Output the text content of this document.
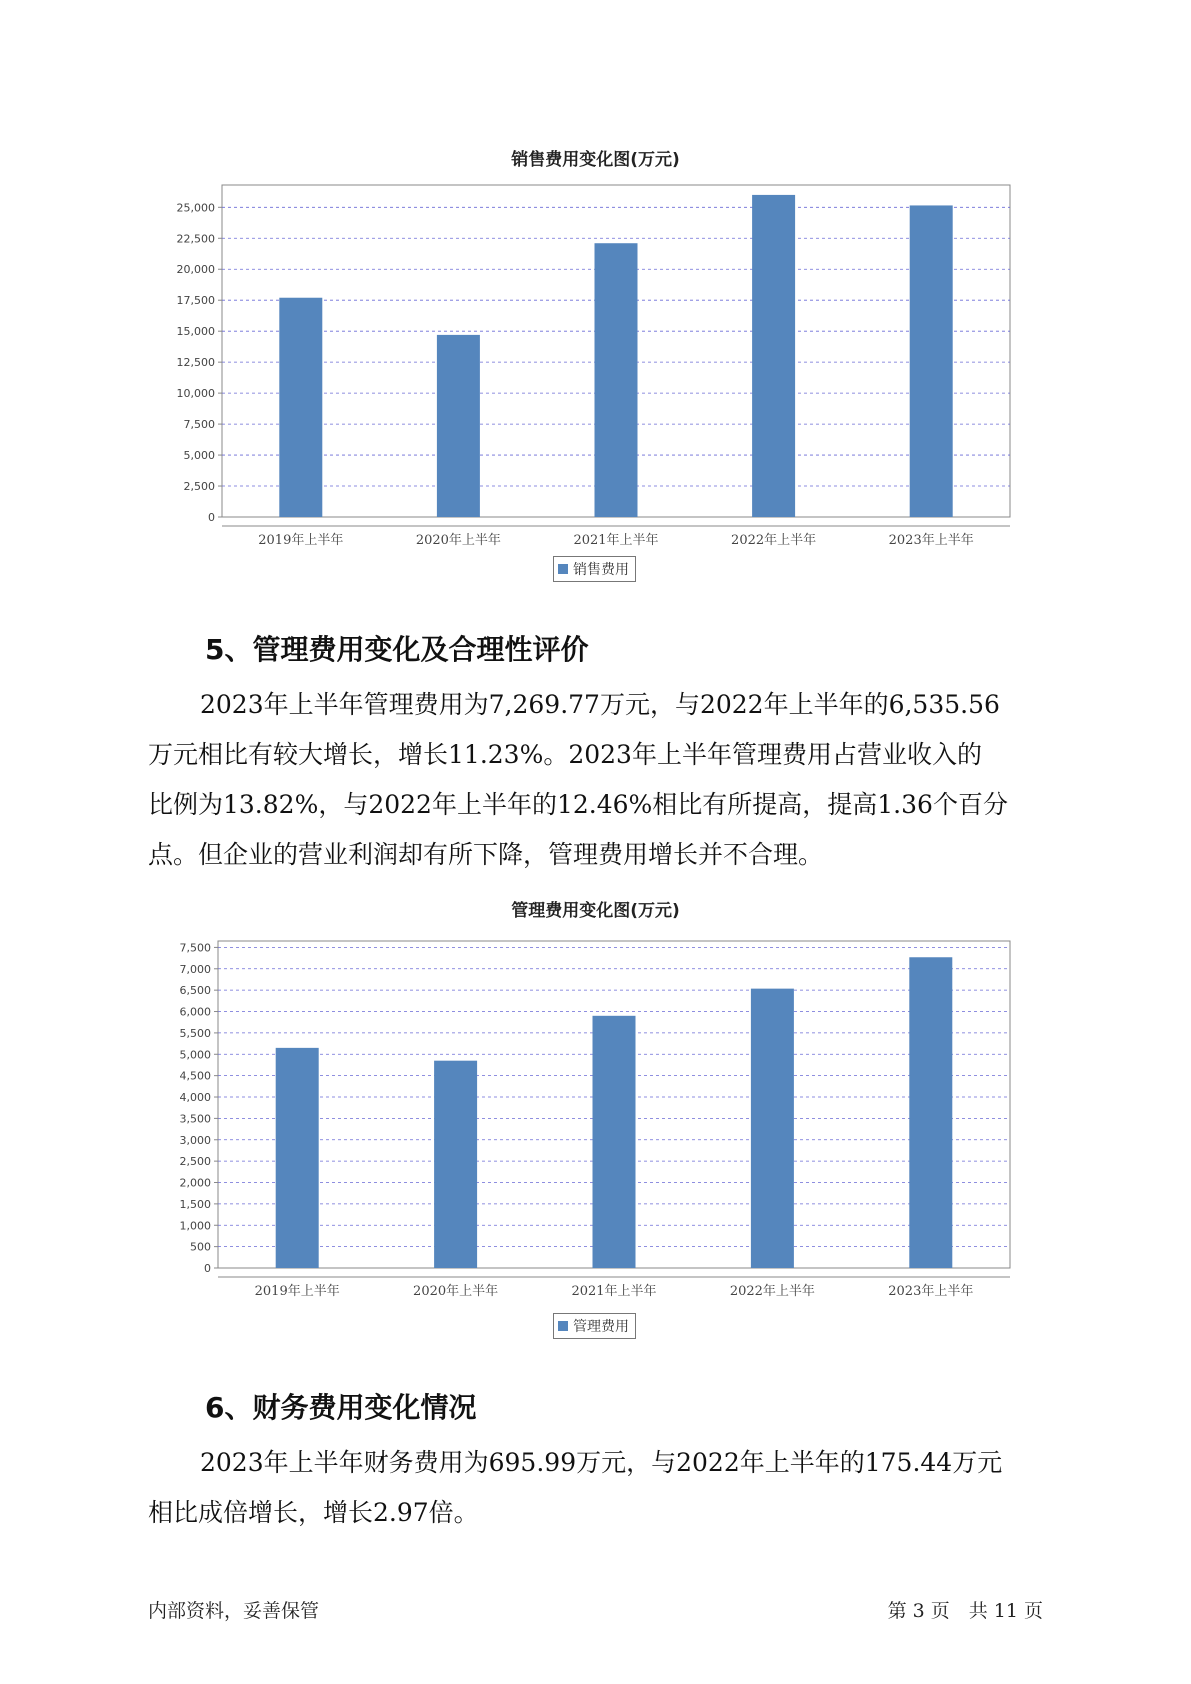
销售费用变化图(万元)
0
2,500
5,000
7,500
10,000
12,500
15,000
17,500
20,000
22,500
25,000
2019年上半年	2020年上半年	2021年上半年	2022年上半年	2023年上半年
销售费用
5、管理费用变化及合理性评价
2023年上半年管理费用为7,269.77万元，与2022年上半年的6,535.56
万元相比有较大增长，增长11.23%。2023年上半年管理费用占营业收入的
比例为13.82%，与2022年上半年的12.46%相比有所提高，提高1.36个百分
点。但企业的营业利润却有所下降，管理费用增长并不合理。
管理费用变化图(万元)
0
500
1,000
1,500
2,000
2,500
3,000
3,500
4,000
4,500
5,000
5,500
6,000
6,500
7,000
7,500
2019年上半年	2020年上半年	2021年上半年	2022年上半年	2023年上半年
管理费用
6、财务费用变化情况
2023年上半年财务费用为695.99万元，与2022年上半年的175.44万元
相比成倍增长，增长2.97倍。
内部资料，妥善保管	第 3 页　共 11 页
